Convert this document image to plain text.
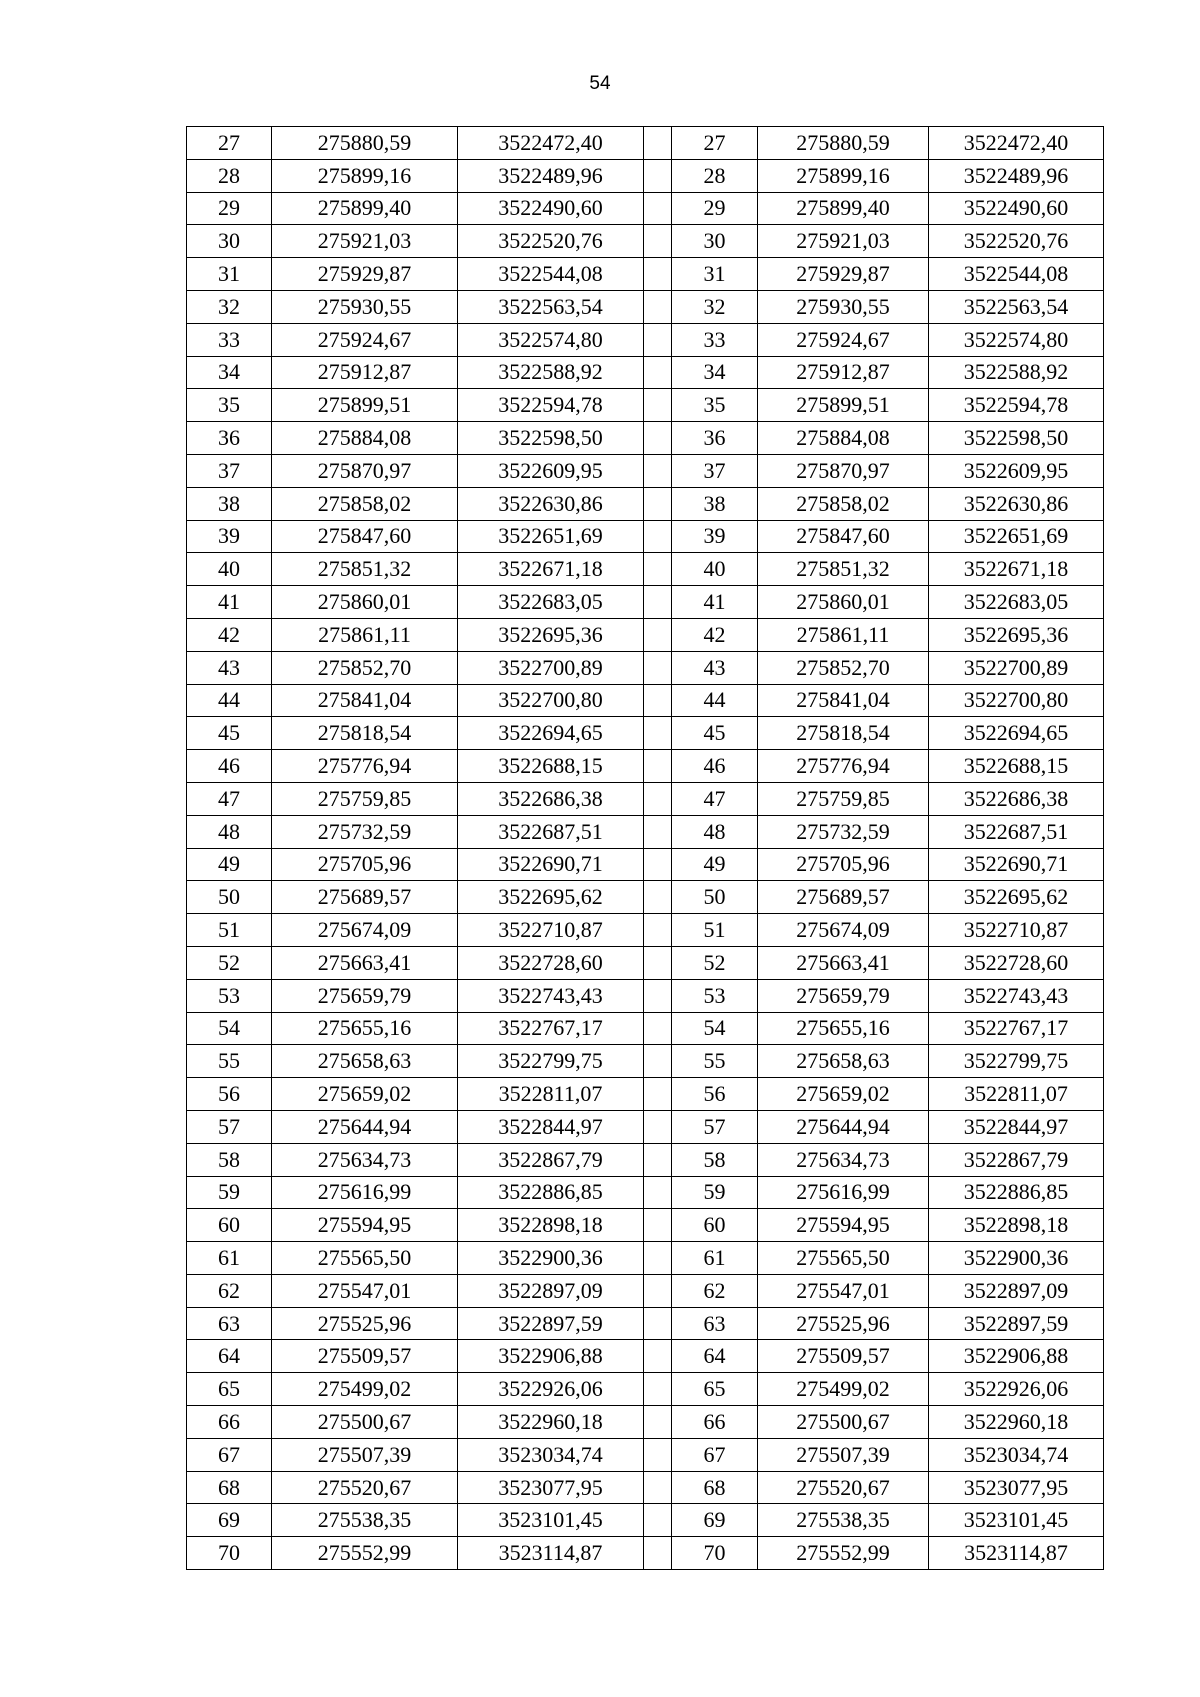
54
27	275880,59	3522472,40		27	275880,59	3522472,40
28	275899,16	3522489,96		28	275899,16	3522489,96
29	275899,40	3522490,60		29	275899,40	3522490,60
30	275921,03	3522520,76		30	275921,03	3522520,76
31	275929,87	3522544,08		31	275929,87	3522544,08
32	275930,55	3522563,54		32	275930,55	3522563,54
33	275924,67	3522574,80		33	275924,67	3522574,80
34	275912,87	3522588,92		34	275912,87	3522588,92
35	275899,51	3522594,78		35	275899,51	3522594,78
36	275884,08	3522598,50		36	275884,08	3522598,50
37	275870,97	3522609,95		37	275870,97	3522609,95
38	275858,02	3522630,86		38	275858,02	3522630,86
39	275847,60	3522651,69		39	275847,60	3522651,69
40	275851,32	3522671,18		40	275851,32	3522671,18
41	275860,01	3522683,05		41	275860,01	3522683,05
42	275861,11	3522695,36		42	275861,11	3522695,36
43	275852,70	3522700,89		43	275852,70	3522700,89
44	275841,04	3522700,80		44	275841,04	3522700,80
45	275818,54	3522694,65		45	275818,54	3522694,65
46	275776,94	3522688,15		46	275776,94	3522688,15
47	275759,85	3522686,38		47	275759,85	3522686,38
48	275732,59	3522687,51		48	275732,59	3522687,51
49	275705,96	3522690,71		49	275705,96	3522690,71
50	275689,57	3522695,62		50	275689,57	3522695,62
51	275674,09	3522710,87		51	275674,09	3522710,87
52	275663,41	3522728,60		52	275663,41	3522728,60
53	275659,79	3522743,43		53	275659,79	3522743,43
54	275655,16	3522767,17		54	275655,16	3522767,17
55	275658,63	3522799,75		55	275658,63	3522799,75
56	275659,02	3522811,07		56	275659,02	3522811,07
57	275644,94	3522844,97		57	275644,94	3522844,97
58	275634,73	3522867,79		58	275634,73	3522867,79
59	275616,99	3522886,85		59	275616,99	3522886,85
60	275594,95	3522898,18		60	275594,95	3522898,18
61	275565,50	3522900,36		61	275565,50	3522900,36
62	275547,01	3522897,09		62	275547,01	3522897,09
63	275525,96	3522897,59		63	275525,96	3522897,59
64	275509,57	3522906,88		64	275509,57	3522906,88
65	275499,02	3522926,06		65	275499,02	3522926,06
66	275500,67	3522960,18		66	275500,67	3522960,18
67	275507,39	3523034,74		67	275507,39	3523034,74
68	275520,67	3523077,95		68	275520,67	3523077,95
69	275538,35	3523101,45		69	275538,35	3523101,45
70	275552,99	3523114,87		70	275552,99	3523114,87
